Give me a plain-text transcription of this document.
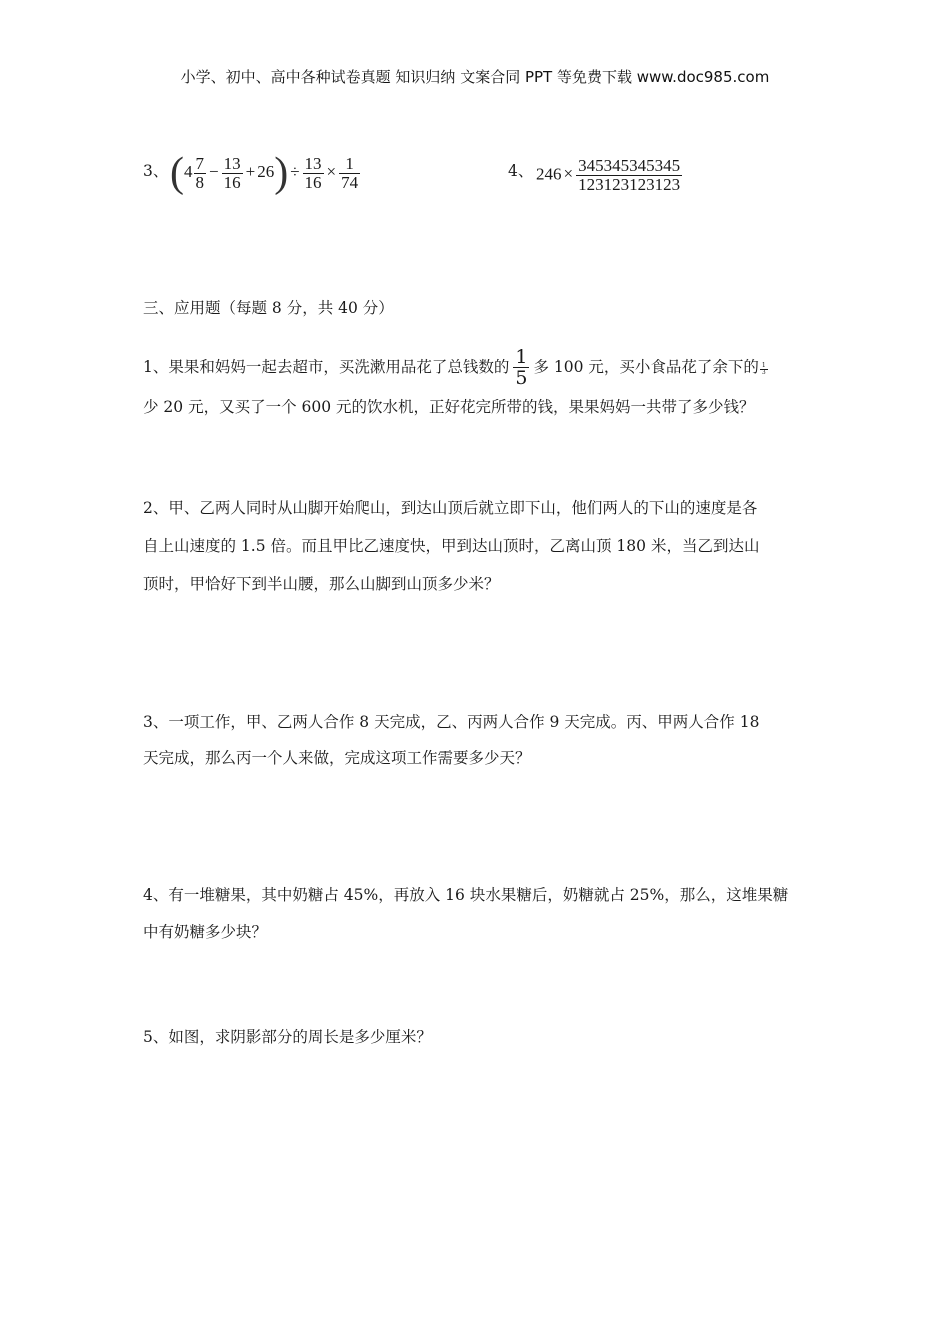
小学、初中、高中各种试卷真题 知识归纳 文案合同 PPT 等免费下载 www.doc985.com
3、 $(4 \frac{7}{8} - \frac{13}{16} + 26) \div \frac{13}{16} \times \frac{1}{74}$	4、 $246 \times \frac{345345345345}{123123123123}$
三、应用题（每题 8 分，共 40 分）
1、果果和妈妈一起去超市，买洗漱用品花了总钱数的 $\frac{1}{5}$ 多 100 元，买小食品花了余下的 $\frac{1}{3}$
少 20 元，又买了一个 600 元的饮水机，正好花完所带的钱，果果妈妈一共带了多少钱？
2、甲、乙两人同时从山脚开始爬山，到达山顶后就立即下山，他们两人的下山的速度是各
自上山速度的 1.5 倍。而且甲比乙速度快，甲到达山顶时，乙离山顶 180 米，当乙到达山
顶时，甲恰好下到半山腰，那么山脚到山顶多少米？
3、一项工作，甲、乙两人合作 8 天完成，乙、丙两人合作 9 天完成。丙、甲两人合作 18
天完成，那么丙一个人来做，完成这项工作需要多少天？
4、有一堆糖果，其中奶糖占 45%，再放入 16 块水果糖后，奶糖就占 25%，那么，这堆果糖
中有奶糖多少块？
5、如图，求阴影部分的周长是多少厘米？
